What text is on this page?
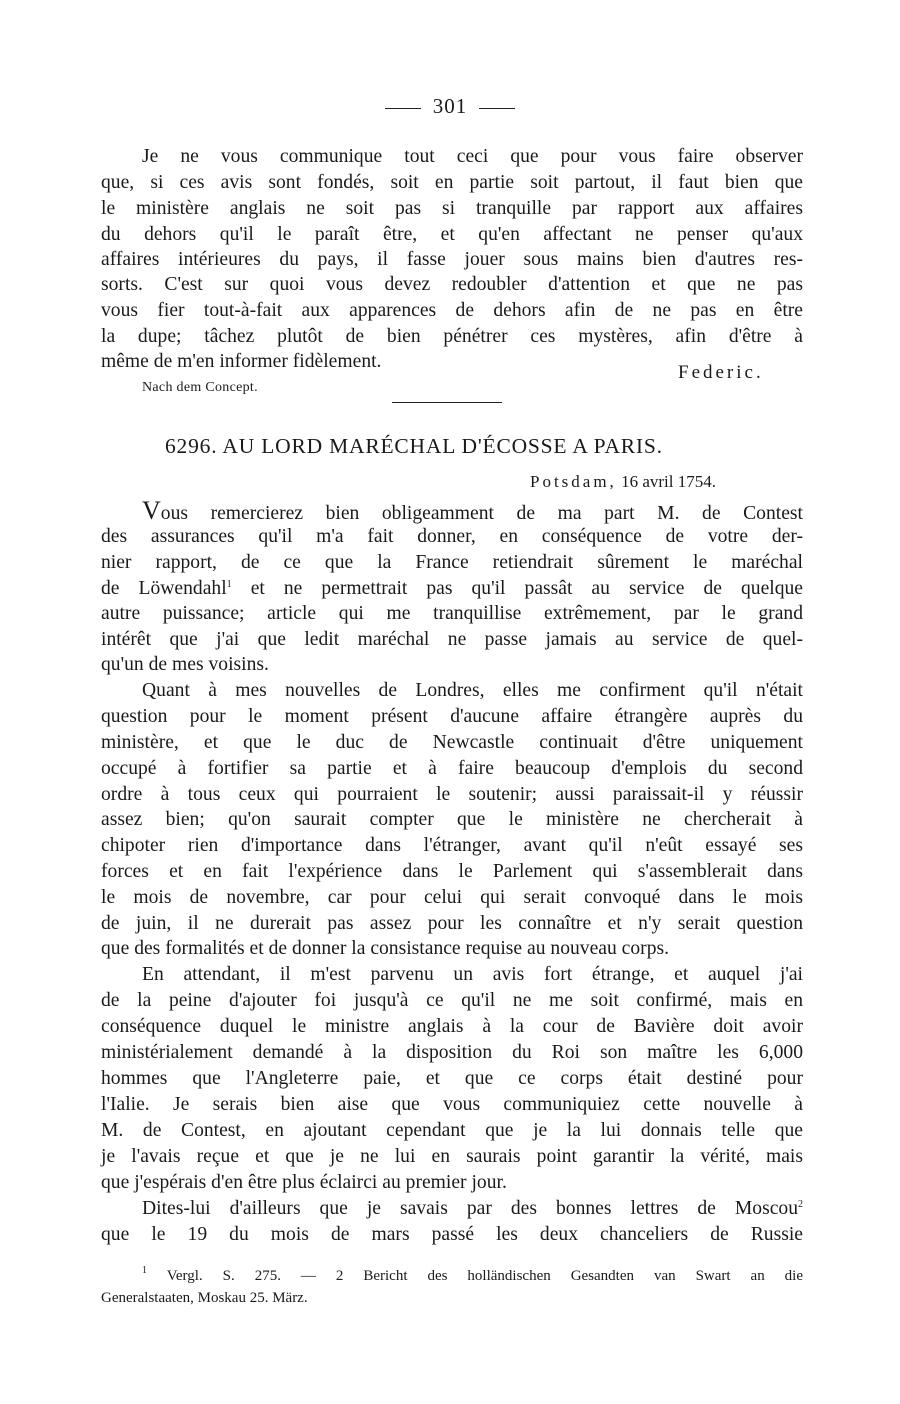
301
Je ne vous communique tout ceci que pour vous faire observer
que, si ces avis sont fondés, soit en partie soit partout, il faut bien que
le ministère anglais ne soit pas si tranquille par rapport aux affaires
du dehors qu'il le paraît être, et qu'en affectant ne penser qu'aux
affaires intérieures du pays, il fasse jouer sous mains bien d'autres res-
sorts. C'est sur quoi vous devez redoubler d'attention et que ne pas
vous fier tout-à-fait aux apparences de dehors afin de ne pas en être
la dupe; tâchez plutôt de bien pénétrer ces mystères, afin d'être à
même de m'en informer fidèlement.
Federic.
Nach dem Concept.
6296. AU LORD MARÉCHAL D'ÉCOSSE A PARIS.
Potsdam, 16 avril 1754.
Vous remercierez bien obligeamment de ma part M. de Contest
des assurances qu'il m'a fait donner, en conséquence de votre der-
nier rapport, de ce que la France retiendrait sûrement le maréchal
de Löwendahl$^1$ et ne permettrait pas qu'il passât au service de quelque
autre puissance; article qui me tranquillise extrêmement, par le grand
intérêt que j'ai que ledit maréchal ne passe jamais au service de quel-
qu'un de mes voisins.
Quant à mes nouvelles de Londres, elles me confirment qu'il n'était
question pour le moment présent d'aucune affaire étrangère auprès du
ministère, et que le duc de Newcastle continuait d'être uniquement
occupé à fortifier sa partie et à faire beaucoup d'emplois du second
ordre à tous ceux qui pourraient le soutenir; aussi paraissait-il y réussir
assez bien; qu'on saurait compter que le ministère ne chercherait à
chipoter rien d'importance dans l'étranger, avant qu'il n'eût essayé ses
forces et en fait l'expérience dans le Parlement qui s'assemblerait dans
le mois de novembre, car pour celui qui serait convoqué dans le mois
de juin, il ne durerait pas assez pour les connaître et n'y serait question
que des formalités et de donner la consistance requise au nouveau corps.
En attendant, il m'est parvenu un avis fort étrange, et auquel j'ai
de la peine d'ajouter foi jusqu'à ce qu'il ne me soit confirmé, mais en
conséquence duquel le ministre anglais à la cour de Bavière doit avoir
ministérialement demandé à la disposition du Roi son maître les 6,000
hommes que l'Angleterre paie, et que ce corps était destiné pour
l'Ialie. Je serais bien aise que vous communiquiez cette nouvelle à
M. de Contest, en ajoutant cependant que je la lui donnais telle que
je l'avais reçue et que je ne lui en saurais point garantir la vérité, mais
que j'espérais d'en être plus éclairci au premier jour.
Dites-lui d'ailleurs que je savais par des bonnes lettres de Moscou$^2$
que le 19 du mois de mars passé les deux chanceliers de Russie
$^1$ Vergl. S. 275. — 2 Bericht des holländischen Gesandten van Swart an die
Generalstaaten, Moskau 25. März.
